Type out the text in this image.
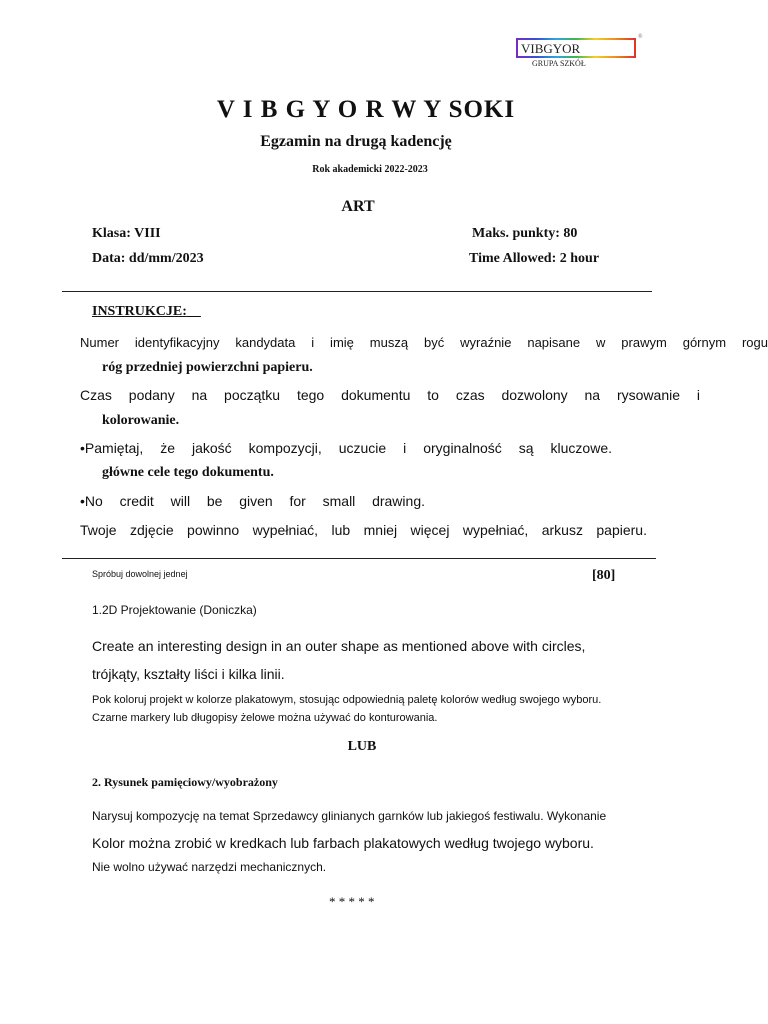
VIBGYOR
GRUPA SZKÓŁ
®
V I B G Y O R W Y SOKI
Egzamin na drugą kadencję
Rok akademicki 2022-2023
ART
Klasa: VIII	Maks. punkty: 80
Data: dd/mm/2023	Time Allowed: 2 hour
INSTRUKCJE:
Numer identyfikacyjny kandydata i imię muszą być wyraźnie napisane w prawym górnym rogu
róg przedniej powierzchni papieru.
Czas podany na początku tego dokumentu to czas dozwolony na rysowanie i
kolorowanie.
•Pamiętaj, że jakość kompozycji, uczucie i oryginalność są kluczowe.
główne cele tego dokumentu.
•No credit will be given for small drawing.
Twoje zdjęcie powinno wypełniać, lub mniej więcej wypełniać, arkusz papieru.
Spróbuj dowolnej jednej	[80]
1.2D Projektowanie (Doniczka)
Create an interesting design in an outer shape as mentioned above with circles,
trójkąty, kształty liści i kilka linii.
Pok koloruj projekt w kolorze plakatowym, stosując odpowiednią paletę kolorów według swojego wyboru.
Czarne markery lub długopisy żelowe można używać do konturowania.
LUB
2. Rysunek pamięciowy/wyobrażony
Narysuj kompozycję na temat Sprzedawcy glinianych garnków lub jakiegoś festiwalu. Wykonanie
Kolor można zrobić w kredkach lub farbach plakatowych według twojego wyboru.
Nie wolno używać narzędzi mechanicznych.
* * * * *
